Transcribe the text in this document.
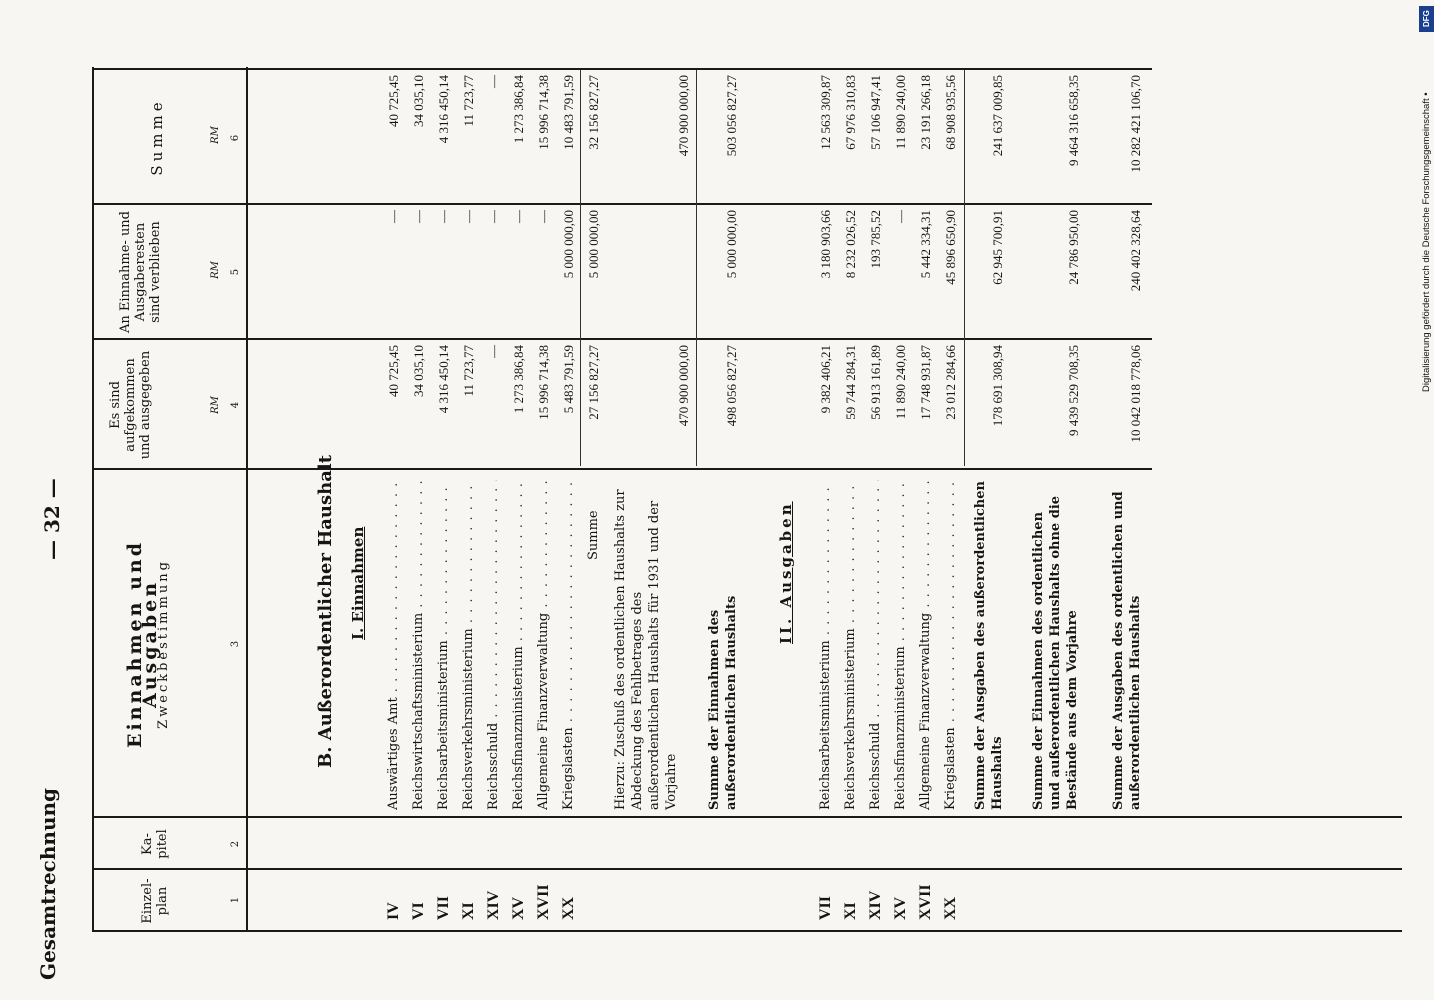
Gesamtrechnung
— 32 —
Einzel-plan
Ka-pitel
Einnahmen und Ausgaben
Zweckbestimmung
Es sind aufgekommen und ausgegeben
An Einnahme- und Ausgaberesten sind verblieben
Summe
RM
RM
RM
1
2
3
4
5
6
B. Außerordentlicher Haushalt I. Einnahmen
IV
Auswärtiges Amt . . .
40 725,45
—
40 725,45
VI
Reichswirtschaftsministerium . . .
34 035,10
—
34 035,10
VII
Reichsarbeitsministerium . . .
4 316 450,14
—
4 316 450,14
XI
Reichsverkehrsministerium . . .
11 723,77
—
11 723,77
XIV
Reichsschuld . . .
—
—
—
XV
Reichsfinanzministerium . . .
1 273 386,84
—
1 273 386,84
XVII
Allgemeine Finanzverwaltung . . .
15 996 714,38
—
15 996 714,38
XX
Kriegslasten . . .
5 483 791,59
5 000 000,00
10 483 791,59
Summe
27 156 827,27
5 000 000,00
32 156 827,27
Hierzu: Zuschuß des ordentlichen Haushalts zur Abdeckung des Fehlbetrages des außerordentlichen Haushalts für 1931 und der Vorjahre
470 900 000,00
470 900 000,00
Summe der Einnahmen des außerordentlichen Haushalts
498 056 827,27
5 000 000,00
503 056 827,27
II. Ausgaben
VII
Reichsarbeitsministerium . . .
9 382 406,21
3 180 903,66
12 563 309,87
XI
Reichsverkehrsministerium . . .
59 744 284,31
8 232 026,52
67 976 310,83
XIV
Reichsschuld . . .
56 913 161,89
193 785,52
57 106 947,41
XV
Reichsfinanzministerium . . .
11 890 240,00
—
11 890 240,00
XVII
Allgemeine Finanzverwaltung . . .
17 748 931,87
5 442 334,31
23 191 266,18
XX
Kriegslasten . . .
23 012 284,66
45 896 650,90
68 908 935,56
Summe der Ausgaben des außerordentlichen Haushalts
178 691 308,94
62 945 700,91
241 637 009,85
Summe der Einnahmen des ordentlichen und außerordentlichen Haushalts ohne die Bestände aus dem Vorjahre
9 439 529 708,35
24 786 950,00
9 464 316 658,35
Summe der Ausgaben des ordentlichen und außerordentlichen Haushalts
10 042 018 778,06
240 402 328,64
10 282 421 106,70
DFG
Digitalisierung gefördert durch die Deutsche Forschungsgemeinschaft •
